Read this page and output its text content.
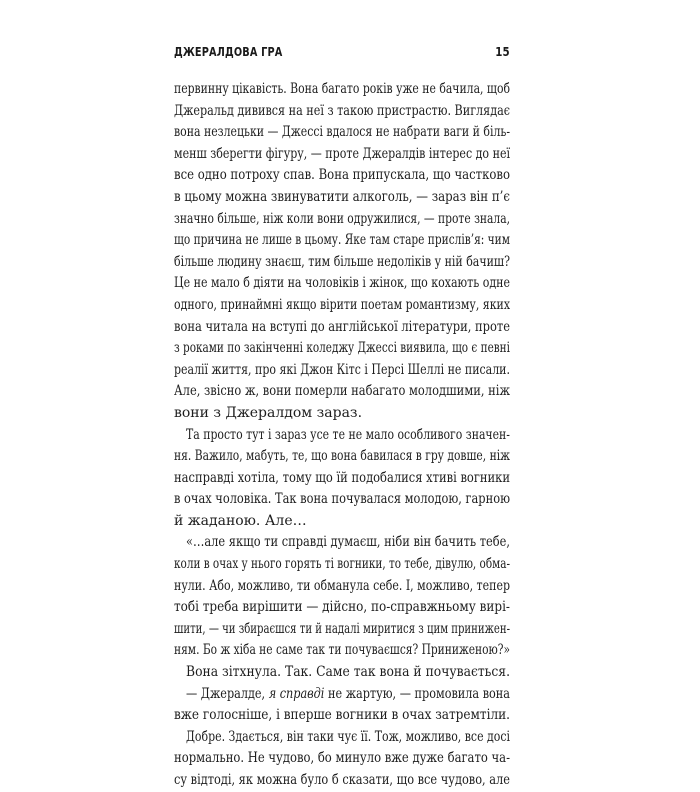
ДЖЕРАЛДОВА ГРА	15
первинну цікавість. Вона багато років уже не бачила, щоб
Джеральд дивився на неї з такою пристрастю. Виглядає
вона незлецьки — Джессі вдалося не набрати ваги й біль-
менш зберегти фігуру, — проте Джералдів інтерес до неї
все одно потроху спав. Вона припускала, що частково
в цьому можна звинуватити алкоголь, — зараз він п’є
значно більше, ніж коли вони одружилися, — проте знала,
що причина не лише в цьому. Яке там старе прислів’я: чим
більше людину знаєш, тим більше недоліків у ній бачиш?
Це не мало б діяти на чоловіків і жінок, що кохають одне
одного, принаймні якщо вірити поетам романтизму, яких
вона читала на вступі до англійської літератури, проте
з роками по закінченні коледжу Джессі виявила, що є певні
реалії життя, про які Джон Кітс і Персі Шеллі не писали.
Але, звісно ж, вони померли набагато молодшими, ніж
вони з Джералдом зараз.
Та просто тут і зараз усе те не мало особливого значен-
ня. Важило, мабуть, те, що вона бавилася в гру довше, ніж
насправді хотіла, тому що їй подобалися хтиві вогники
в очах чоловіка. Так вона почувалася молодою, гарною
й жаданою. Але…
«…але якщо ти справді думаєш, ніби він бачить тебе,
коли в очах у нього горять ті вогники, то тебе, дівулю, обма-
нули. Або, можливо, ти обманула себе. І, можливо, тепер
тобі треба вирішити — дійсно, по-справжньому вирі-
шити, — чи збираєшся ти й надалі миритися з цим принижен-
ням. Бо ж хіба не саме так ти почуваєшся? Приниженою?»
Вона зітхнула. Так. Саме так вона й почувається.
— Джералде, я справді не жартую, — промовила вона
вже голосніше, і вперше вогники в очах затремтіли.
Добре. Здається, він таки чує її. Тож, можливо, все досі
нормально. Не чудово, бо минуло вже дуже багато ча-
су відтоді, як можна було б сказати, що все чудово, але
